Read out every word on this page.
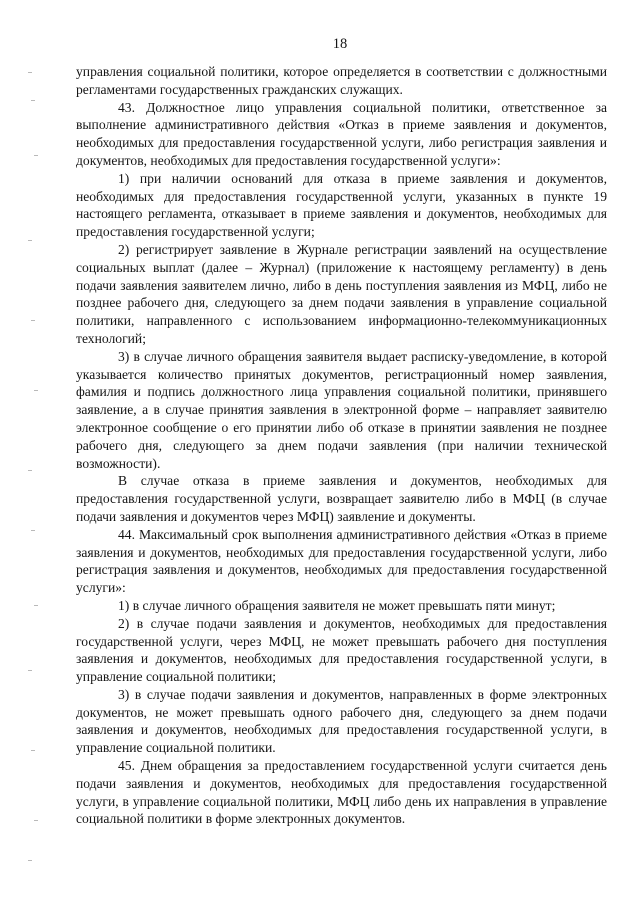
18

управления социальной политики, которое определяется в соответствии с должностными регламентами государственных гражданских служащих.

43. Должностное лицо управления социальной политики, ответственное за выполнение административного действия «Отказ в приеме заявления и документов, необходимых для предоставления государственной услуги, либо регистрация заявления и документов, необходимых для предоставления государственной услуги»:

1) при наличии оснований для отказа в приеме заявления и документов, необходимых для предоставления государственной услуги, указанных в пункте 19 настоящего регламента, отказывает в приеме заявления и документов, необходимых для предоставления государственной услуги;

2) регистрирует заявление в Журнале регистрации заявлений на осуществление социальных выплат (далее – Журнал) (приложение к настоящему регламенту) в день подачи заявления заявителем лично, либо в день поступления заявления из МФЦ, либо не позднее рабочего дня, следующего за днем подачи заявления в управление социальной политики, направленного с использованием информационно-телекоммуникационных технологий;

3) в случае личного обращения заявителя выдает расписку-уведомление, в которой указывается количество принятых документов, регистрационный номер заявления, фамилия и подпись должностного лица управления социальной политики, принявшего заявление, а в случае принятия заявления в электронной форме – направляет заявителю электронное сообщение о его принятии либо об отказе в принятии заявления не позднее рабочего дня, следующего за днем подачи заявления (при наличии технической возможности).

В случае отказа в приеме заявления и документов, необходимых для предоставления государственной услуги, возвращает заявителю либо в МФЦ (в случае подачи заявления и документов через МФЦ) заявление и документы.

44. Максимальный срок выполнения административного действия «Отказ в приеме заявления и документов, необходимых для предоставления государственной услуги, либо регистрация заявления и документов, необходимых для предоставления государственной услуги»:

1) в случае личного обращения заявителя не может превышать пяти минут;

2) в случае подачи заявления и документов, необходимых для предоставления государственной услуги, через МФЦ, не может превышать рабочего дня поступления заявления и документов, необходимых для предоставления государственной услуги, в управление социальной политики;

3) в случае подачи заявления и документов, направленных в форме электронных документов, не может превышать одного рабочего дня, следующего за днем подачи заявления и документов, необходимых для предоставления государственной услуги, в управление социальной политики.

45. Днем обращения за предоставлением государственной услуги считается день подачи заявления и документов, необходимых для предоставления государственной услуги, в управление социальной политики, МФЦ либо день их направления в управление социальной политики в форме электронных документов.
